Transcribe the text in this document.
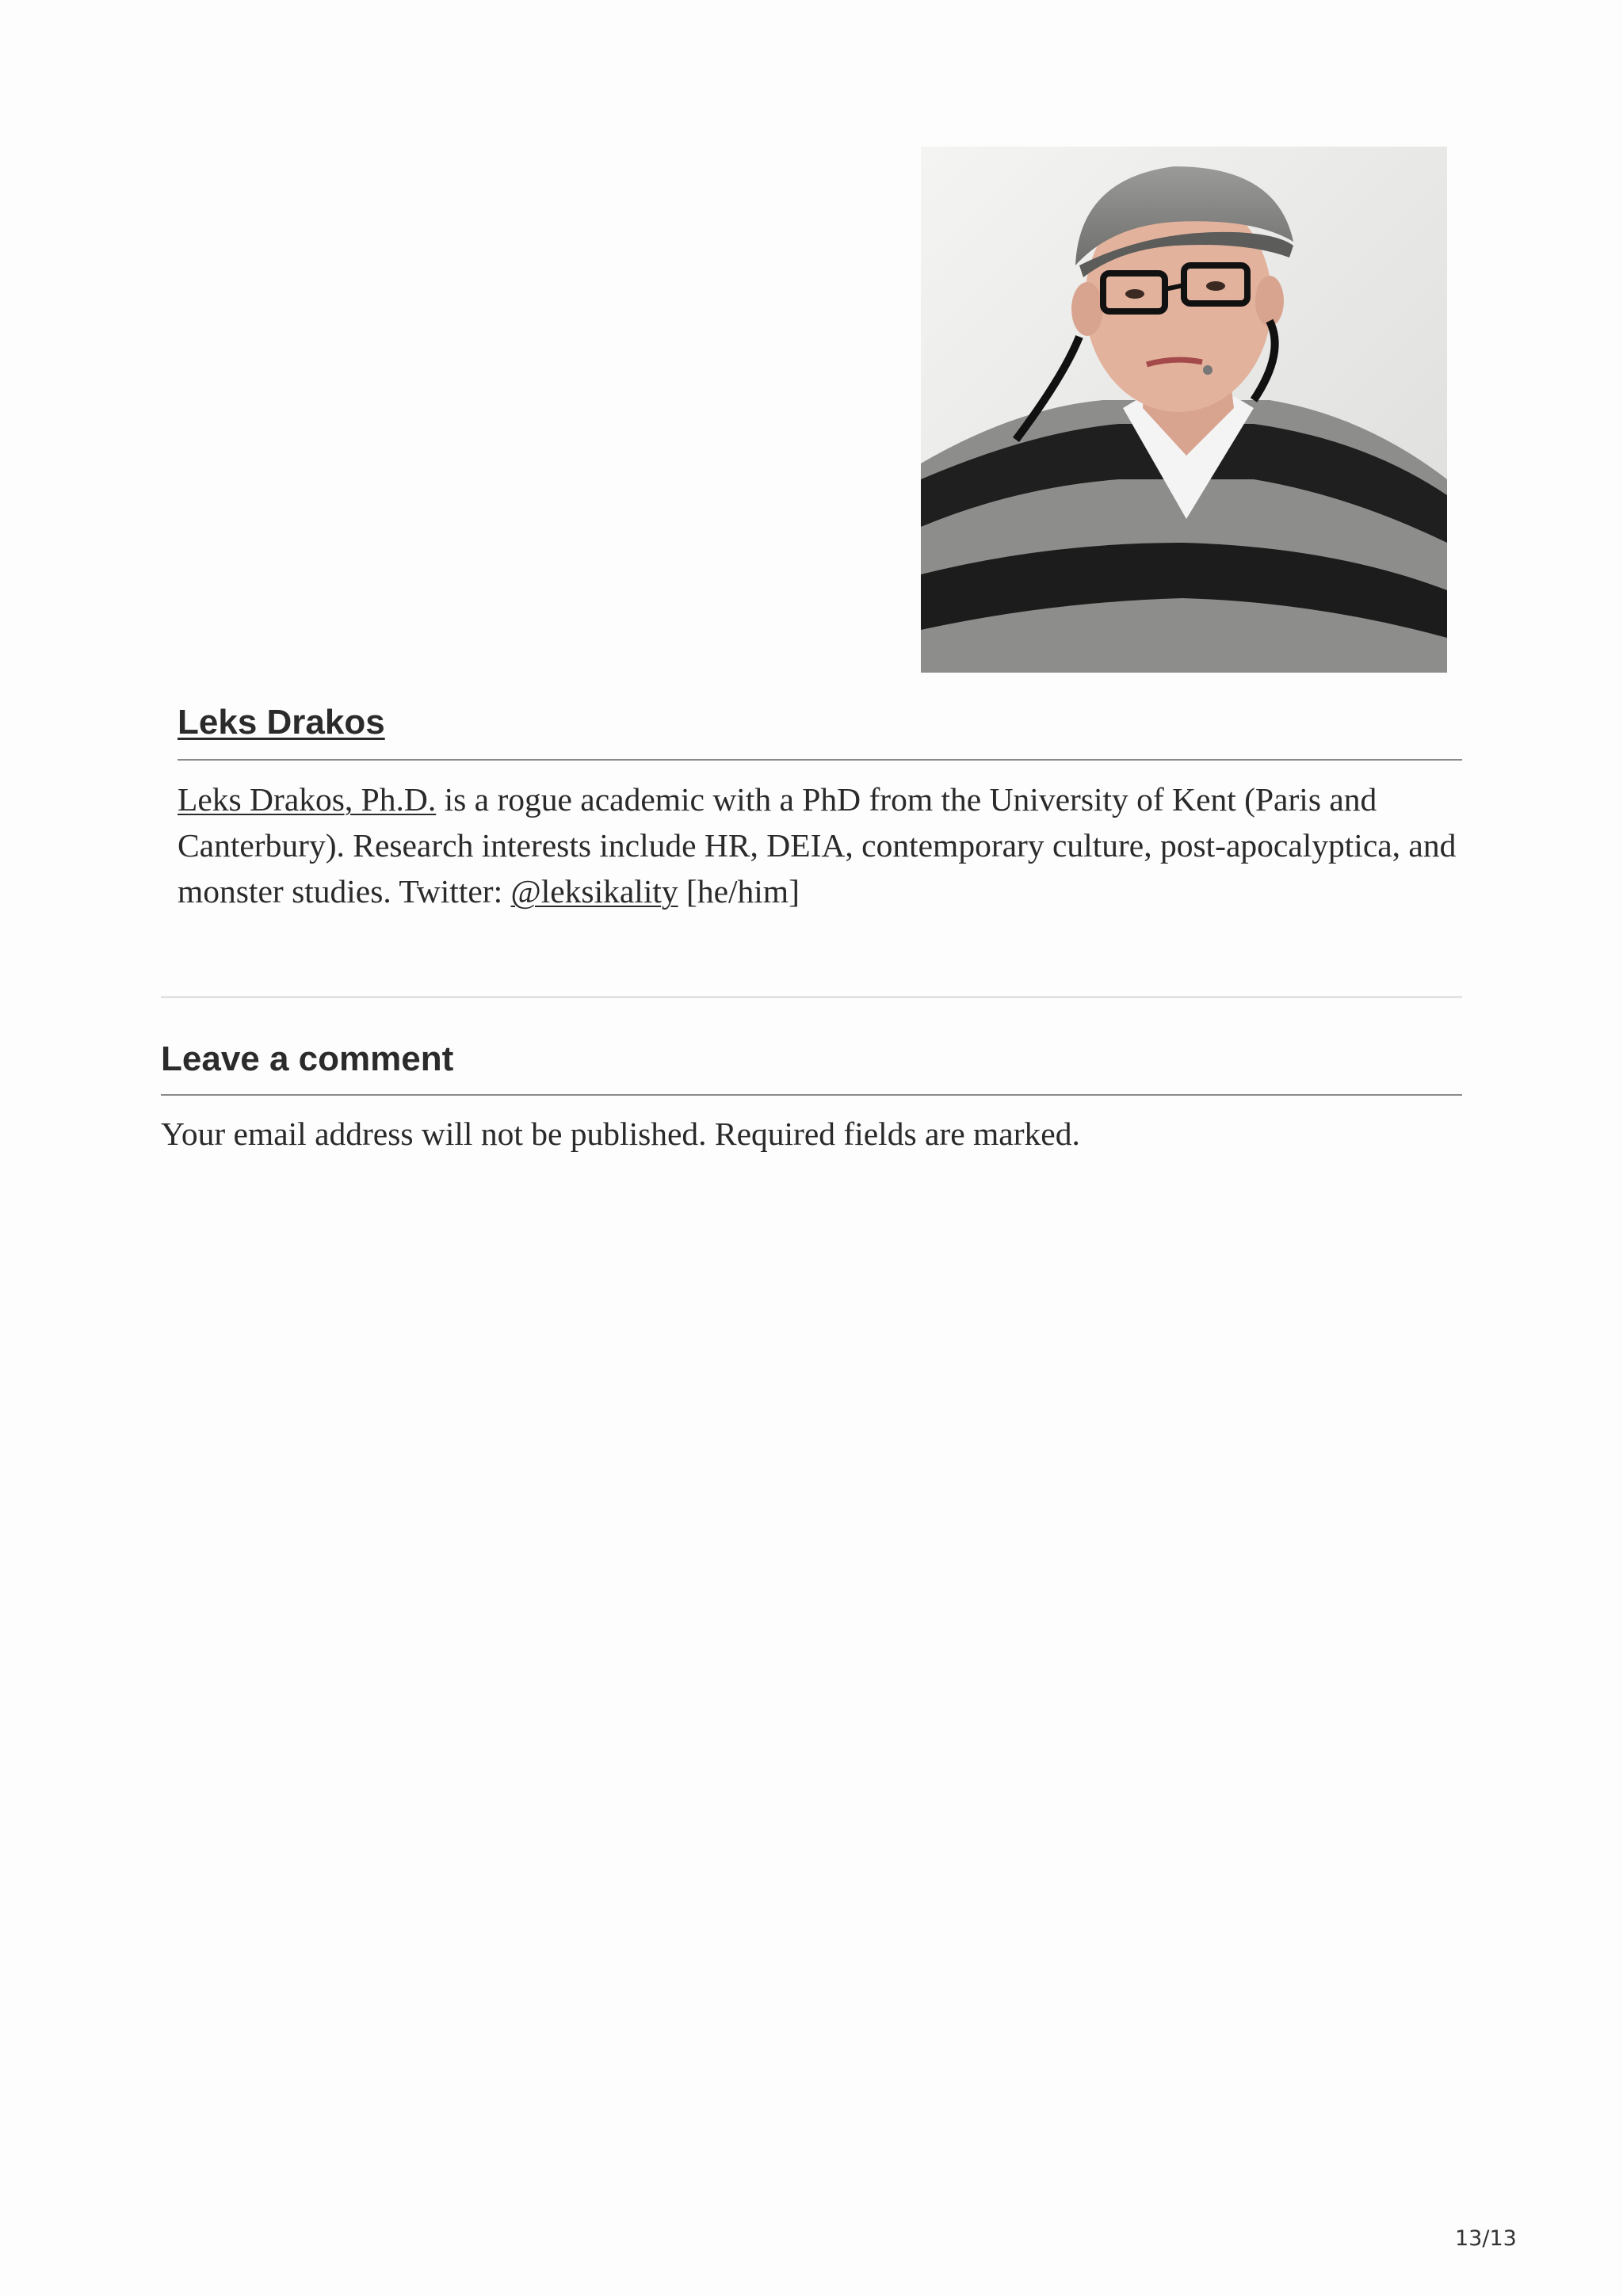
Leks Drakos

Leks Drakos, Ph.D. is a rogue academic with a PhD from the University of Kent (Paris and Canterbury). Research interests include HR, DEIA, contemporary culture, post-apocalyptica, and monster studies. Twitter: @leksikality [he/him]

Leave a comment

Your email address will not be published. Required fields are marked.

13/13
